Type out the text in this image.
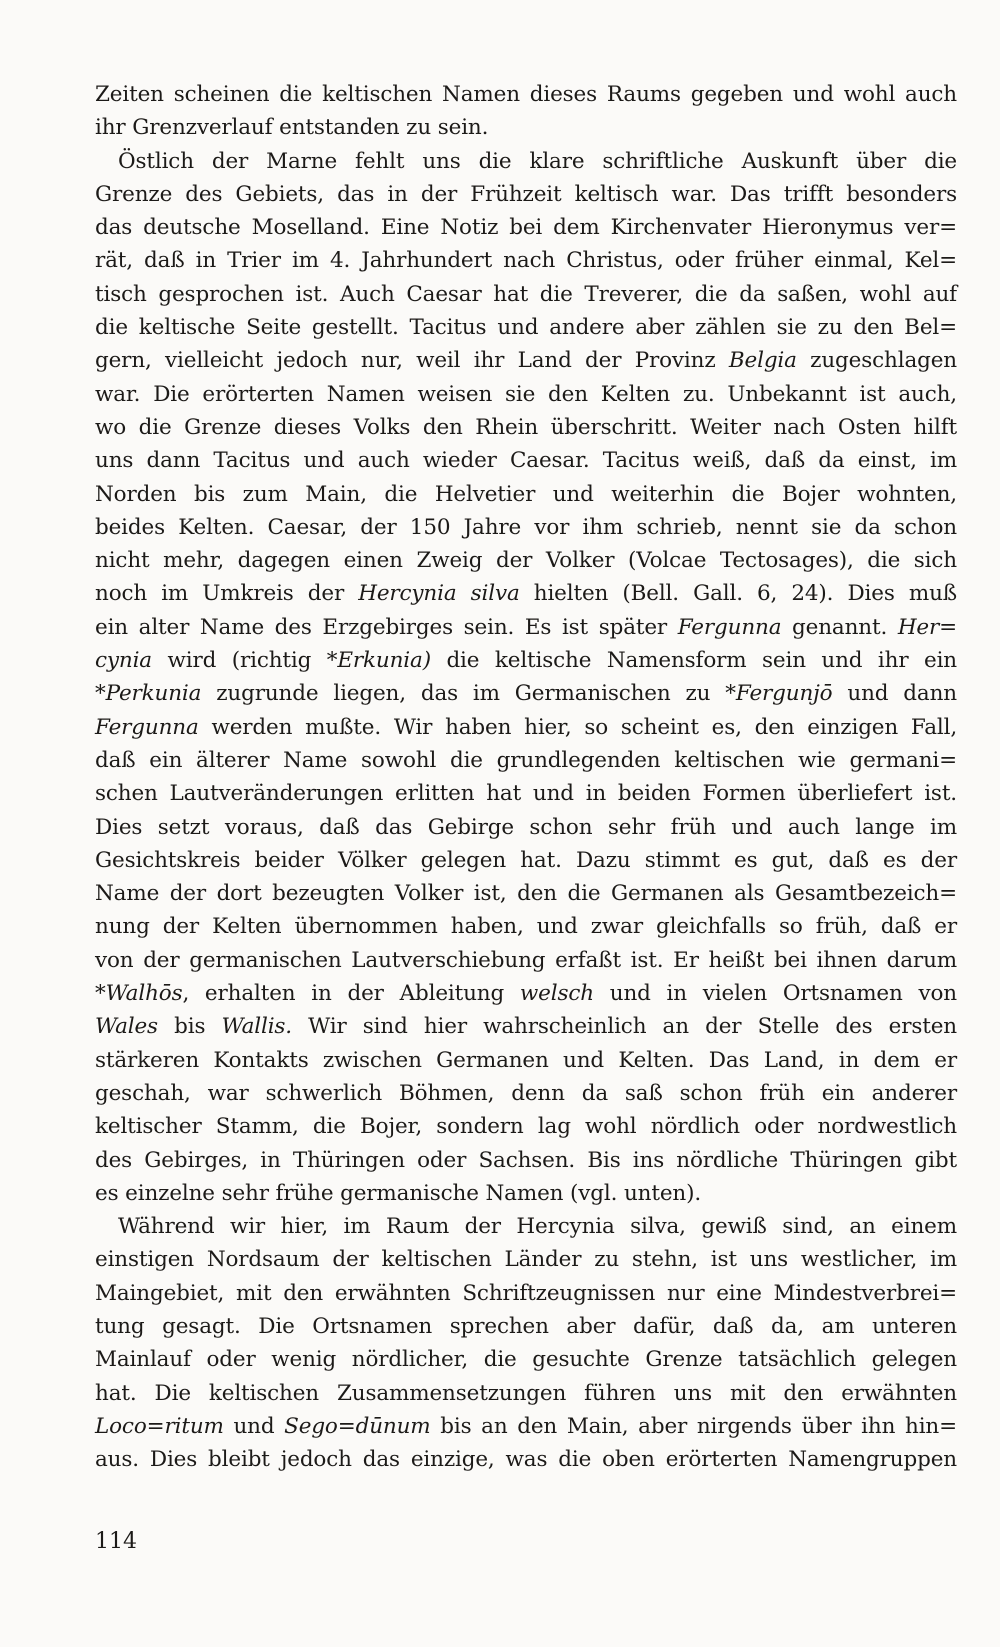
Zeiten scheinen die keltischen Namen dieses Raums gegeben und wohl auch
ihr Grenzverlauf entstanden zu sein.
Östlich der Marne fehlt uns die klare schriftliche Auskunft über die
Grenze des Gebiets, das in der Frühzeit keltisch war. Das trifft besonders
das deutsche Moselland. Eine Notiz bei dem Kirchenvater Hieronymus ver=
rät, daß in Trier im 4. Jahrhundert nach Christus, oder früher einmal, Kel=
tisch gesprochen ist. Auch Caesar hat die Treverer, die da saßen, wohl auf
die keltische Seite gestellt. Tacitus und andere aber zählen sie zu den Bel=
gern, vielleicht jedoch nur, weil ihr Land der Provinz Belgia zugeschlagen
war. Die erörterten Namen weisen sie den Kelten zu. Unbekannt ist auch,
wo die Grenze dieses Volks den Rhein überschritt. Weiter nach Osten hilft
uns dann Tacitus und auch wieder Caesar. Tacitus weiß, daß da einst, im
Norden bis zum Main, die Helvetier und weiterhin die Bojer wohnten,
beides Kelten. Caesar, der 150 Jahre vor ihm schrieb, nennt sie da schon
nicht mehr, dagegen einen Zweig der Volker (Volcae Tectosages), die sich
noch im Umkreis der Hercynia silva hielten (Bell. Gall. 6, 24). Dies muß
ein alter Name des Erzgebirges sein. Es ist später Fergunna genannt. Her=
cynia wird (richtig *Erkunia) die keltische Namensform sein und ihr ein
*Perkunia zugrunde liegen, das im Germanischen zu *Fergunjō und dann
Fergunna werden mußte. Wir haben hier, so scheint es, den einzigen Fall,
daß ein älterer Name sowohl die grundlegenden keltischen wie germani=
schen Lautveränderungen erlitten hat und in beiden Formen überliefert ist.
Dies setzt voraus, daß das Gebirge schon sehr früh und auch lange im
Gesichtskreis beider Völker gelegen hat. Dazu stimmt es gut, daß es der
Name der dort bezeugten Volker ist, den die Germanen als Gesamtbezeich=
nung der Kelten übernommen haben, und zwar gleichfalls so früh, daß er
von der germanischen Lautverschiebung erfaßt ist. Er heißt bei ihnen darum
*Walhōs, erhalten in der Ableitung welsch und in vielen Ortsnamen von
Wales bis Wallis. Wir sind hier wahrscheinlich an der Stelle des ersten
stärkeren Kontakts zwischen Germanen und Kelten. Das Land, in dem er
geschah, war schwerlich Böhmen, denn da saß schon früh ein anderer
keltischer Stamm, die Bojer, sondern lag wohl nördlich oder nordwestlich
des Gebirges, in Thüringen oder Sachsen. Bis ins nördliche Thüringen gibt
es einzelne sehr frühe germanische Namen (vgl. unten).
Während wir hier, im Raum der Hercynia silva, gewiß sind, an einem
einstigen Nordsaum der keltischen Länder zu stehn, ist uns westlicher, im
Maingebiet, mit den erwähnten Schriftzeugnissen nur eine Mindestverbrei=
tung gesagt. Die Ortsnamen sprechen aber dafür, daß da, am unteren
Mainlauf oder wenig nördlicher, die gesuchte Grenze tatsächlich gelegen
hat. Die keltischen Zusammensetzungen führen uns mit den erwähnten
Loco=ritum und Sego=dūnum bis an den Main, aber nirgends über ihn hin=
aus. Dies bleibt jedoch das einzige, was die oben erörterten Namengruppen
114
